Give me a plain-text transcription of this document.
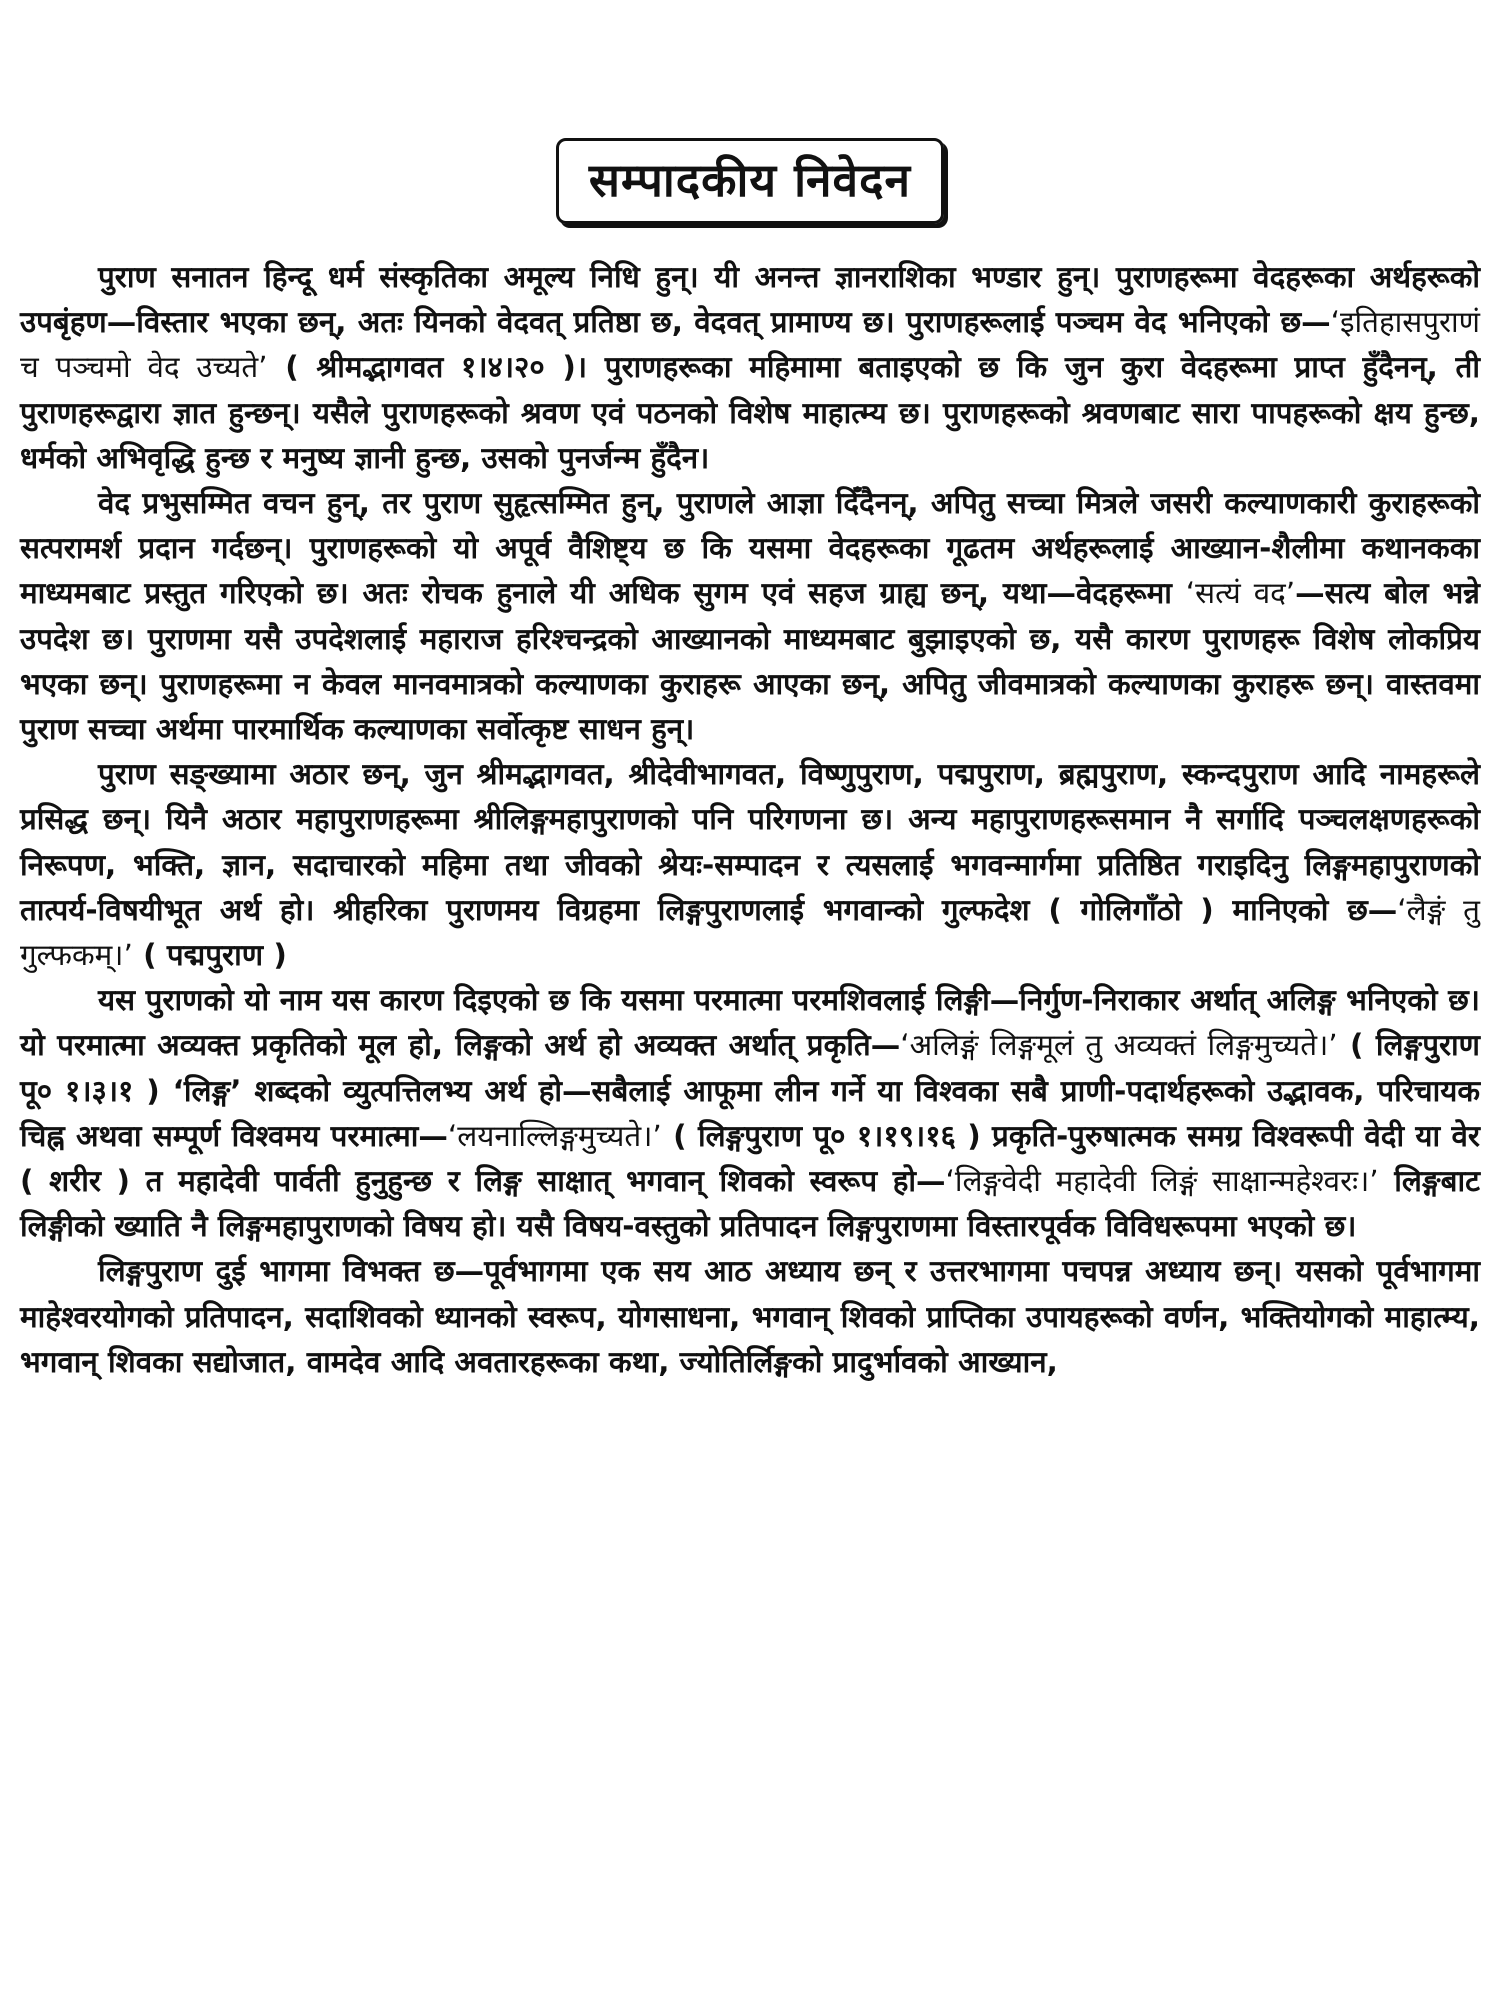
सम्पादकीय निवेदन

पुराण सनातन हिन्दू धर्म संस्कृतिका अमूल्य निधि हुन्। यी अनन्त ज्ञानराशिका भण्डार हुन्। पुराणहरूमा वेदहरूका अर्थहरूको उपबृंहण—विस्तार भएका छन्, अतः यिनको वेदवत् प्रतिष्ठा छ, वेदवत् प्रामाण्य छ। पुराणहरूलाई पञ्चम वेद भनिएको छ—‘इतिहासपुराणं च पञ्चमो वेद उच्यते’ ( श्रीमद्भागवत १।४।२० )। पुराणहरूका महिमामा बताइएको छ कि जुन कुरा वेदहरूमा प्राप्त हुँदैनन्, ती पुराणहरूद्वारा ज्ञात हुन्छन्। यसैले पुराणहरूको श्रवण एवं पठनको विशेष माहात्म्य छ। पुराणहरूको श्रवणबाट सारा पापहरूको क्षय हुन्छ, धर्मको अभिवृद्धि हुन्छ र मनुष्य ज्ञानी हुन्छ, उसको पुनर्जन्म हुँदैन।

वेद प्रभुसम्मित वचन हुन्, तर पुराण सुहृत्सम्मित हुन्, पुराणले आज्ञा दिँदैनन्, अपितु सच्चा मित्रले जसरी कल्याणकारी कुराहरूको सत्परामर्श प्रदान गर्दछन्। पुराणहरूको यो अपूर्व वैशिष्ट्य छ कि यसमा वेदहरूका गूढतम अर्थहरूलाई आख्यान-शैलीमा कथानकका माध्यमबाट प्रस्तुत गरिएको छ। अतः रोचक हुनाले यी अधिक सुगम एवं सहज ग्राह्य छन्, यथा—वेदहरूमा ‘सत्यं वद’—सत्य बोल भन्ने उपदेश छ। पुराणमा यसै उपदेशलाई महाराज हरिश्चन्द्रको आख्यानको माध्यमबाट बुझाइएको छ, यसै कारण पुराणहरू विशेष लोकप्रिय भएका छन्। पुराणहरूमा न केवल मानवमात्रको कल्याणका कुराहरू आएका छन्, अपितु जीवमात्रको कल्याणका कुराहरू छन्। वास्तवमा पुराण सच्चा अर्थमा पारमार्थिक कल्याणका सर्वोत्कृष्ट साधन हुन्।

पुराण सङ्ख्यामा अठार छन्, जुन श्रीमद्भागवत, श्रीदेवीभागवत, विष्णुपुराण, पद्मपुराण, ब्रह्मपुराण, स्कन्दपुराण आदि नामहरूले प्रसिद्ध छन्। यिनै अठार महापुराणहरूमा श्रीलिङ्गमहापुराणको पनि परिगणना छ। अन्य महापुराणहरूसमान नै सर्गादि पञ्चलक्षणहरूको निरूपण, भक्ति, ज्ञान, सदाचारको महिमा तथा जीवको श्रेयः-सम्पादन र त्यसलाई भगवन्मार्गमा प्रतिष्ठित गराइदिनु लिङ्गमहापुराणको तात्पर्य-विषयीभूत अर्थ हो। श्रीहरिका पुराणमय विग्रहमा लिङ्गपुराणलाई भगवान्को गुल्फदेश ( गोलिगाँठो ) मानिएको छ—‘लैङ्गं तु गुल्फकम्।’ ( पद्मपुराण )

यस पुराणको यो नाम यस कारण दिइएको छ कि यसमा परमात्मा परमशिवलाई लिङ्गी—निर्गुण-निराकार अर्थात् अलिङ्ग भनिएको छ। यो परमात्मा अव्यक्त प्रकृतिको मूल हो, लिङ्गको अर्थ हो अव्यक्त अर्थात् प्रकृति—‘अलिङ्गं लिङ्गमूलं तु अव्यक्तं लिङ्गमुच्यते।’ ( लिङ्गपुराण पू० १।३।१ ) ‘लिङ्ग’ शब्दको व्युत्पत्तिलभ्य अर्थ हो—सबैलाई आफूमा लीन गर्ने या विश्वका सबै प्राणी-पदार्थहरूको उद्भावक, परिचायक चिह्न अथवा सम्पूर्ण विश्वमय परमात्मा—‘लयनाल्लिङ्गमुच्यते।’ ( लिङ्गपुराण पू० १।१९।१६ ) प्रकृति-पुरुषात्मक समग्र विश्वरूपी वेदी या वेर ( शरीर ) त महादेवी पार्वती हुनुहुन्छ र लिङ्ग साक्षात् भगवान् शिवको स्वरूप हो—‘लिङ्गवेदी महादेवी लिङ्गं साक्षान्महेश्वरः।’ लिङ्गबाट लिङ्गीको ख्याति नै लिङ्गमहापुराणको विषय हो। यसै विषय-वस्तुको प्रतिपादन लिङ्गपुराणमा विस्तारपूर्वक विविधरूपमा भएको छ।

लिङ्गपुराण दुई भागमा विभक्त छ—पूर्वभागमा एक सय आठ अध्याय छन् र उत्तरभागमा पचपन्न अध्याय छन्। यसको पूर्वभागमा माहेश्वरयोगको प्रतिपादन, सदाशिवको ध्यानको स्वरूप, योगसाधना, भगवान् शिवको प्राप्तिका उपायहरूको वर्णन, भक्तियोगको माहात्म्य, भगवान् शिवका सद्योजात, वामदेव आदि अवतारहरूका कथा, ज्योतिर्लिङ्गको प्रादुर्भावको आख्यान,
